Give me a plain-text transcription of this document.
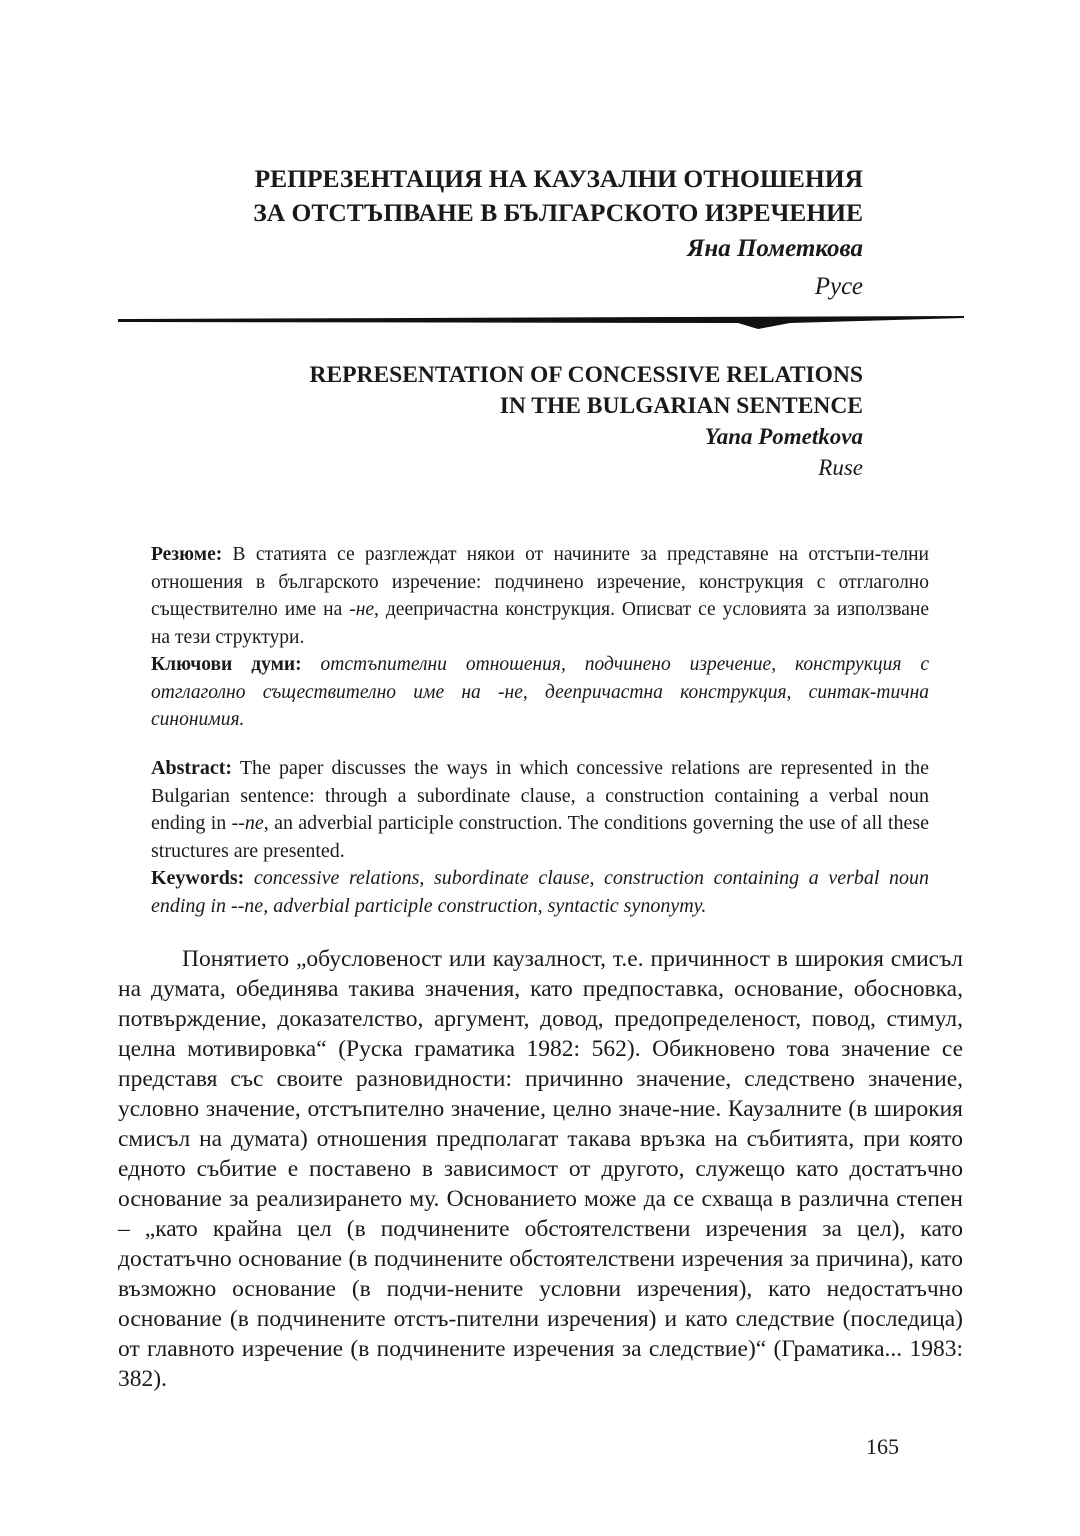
РЕПРЕЗЕНТАЦИЯ НА КАУЗАЛНИ ОТНОШЕНИЯ
ЗА ОТСТЪПВАНЕ В БЪЛГАРСКОТО ИЗРЕЧЕНИЕ
Яна Пометкова
Русе
REPRESENTATION OF CONCESSIVE RELATIONS
IN THE BULGARIAN SENTENCE
Yana Pometkova
Ruse
Резюме: В статията се разглеждат някои от начините за представяне на отстъпи-телни отношения в българското изречение: подчинено изречение, конструкция с отглаголно съществително име на -не, деепричастна конструкция. Описват се условията за използване на тези структури.
Ключови думи: отстъпителни отношения, подчинено изречение, конструкция с отглаголно съществително име на -не, деепричастна конструкция, синтак-тична синонимия.
Abstract: The paper discusses the ways in which concessive relations are represented in the Bulgarian sentence: through a subordinate clause, a construction containing a verbal noun ending in --ne, an adverbial participle construction. The conditions governing the use of all these structures are presented.
Keywords: concessive relations, subordinate clause, construction containing a verbal noun ending in --ne, adverbial participle construction, syntactic synonymy.

Понятието „обусловеност или каузалност, т.е. причинност в широкия смисъл на думата, обединява такива значения, като предпоставка, основание, обосновка, потвърждение, доказателство, аргумент, довод, предопределеност, повод, стимул, целна мотивировка“ (Руска граматика 1982: 562). Обикновено това значение се представя със своите разновидности: причинно значение, следствено значение, условно значение, отстъпително значение, целно значе-ние. Каузалните (в широкия смисъл на думата) отношения предполагат такава връзка на събитията, при която едното събитие е поставено в зависимост от другото, служещо като достатъчно основание за реализирането му. Основанието може да се схваща в различна степен – „като крайна цел (в подчинените обстоятелствени изречения за цел), като достатъчно основание (в подчинените обстоятелствени изречения за причина), като възможно основание (в подчи-нените условни изречения), като недостатъчно основание (в подчинените отстъ-пителни изречения) и като следствие (последица) от главното изречение (в подчинените изречения за следствие)“ (Граматика... 1983: 382).

165
